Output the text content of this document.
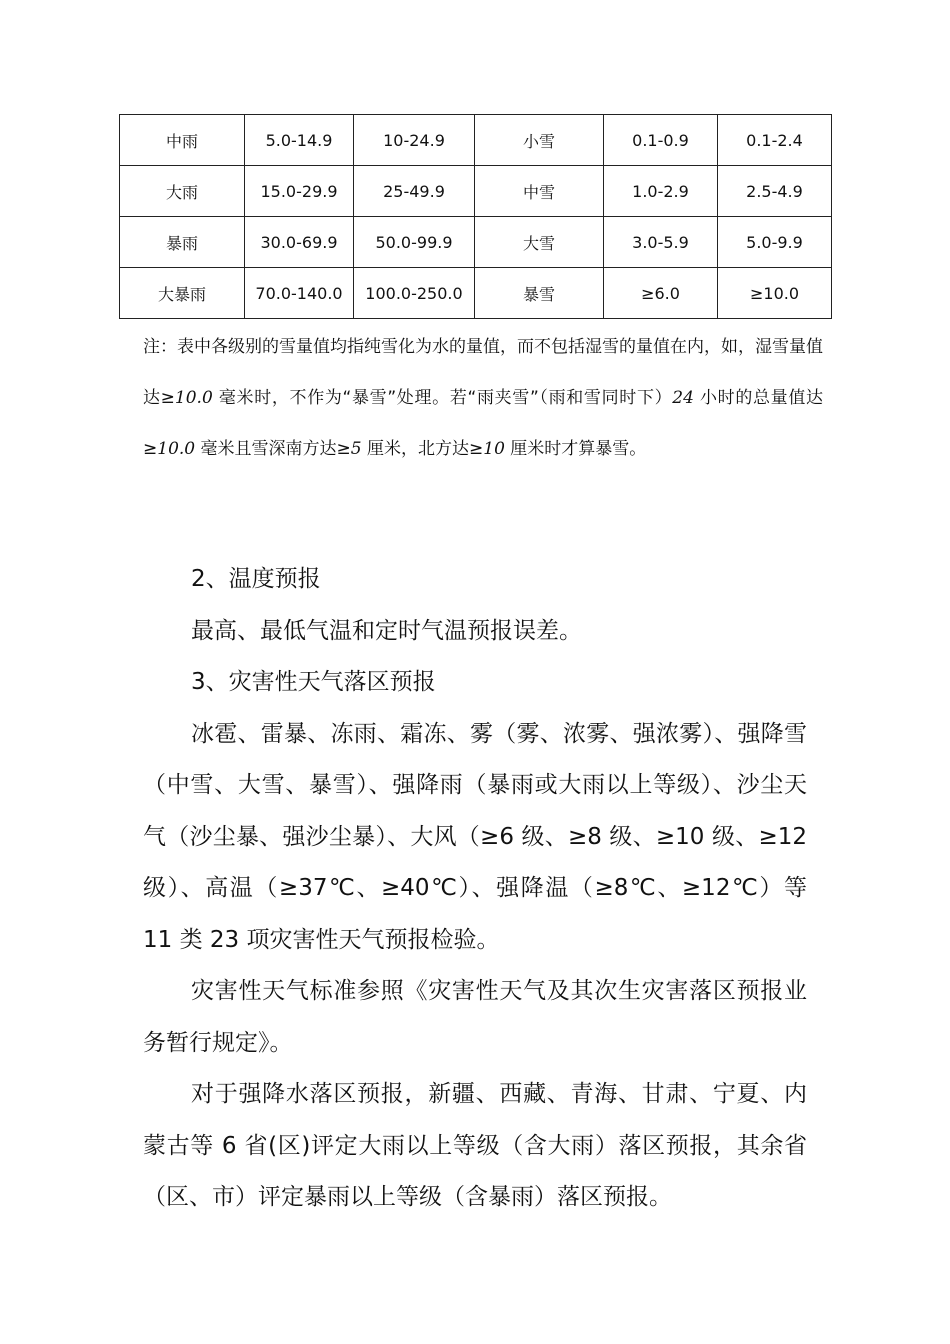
中雨	5.0-14.9	10-24.9	小雪	0.1-0.9	0.1-2.4
大雨	15.0-29.9	25-49.9	中雪	1.0-2.9	2.5-4.9
暴雨	30.0-69.9	50.0-99.9	大雪	3.0-5.9	5.0-9.9
大暴雨	70.0-140.0	100.0-250.0	暴雪	≥6.0	≥10.0
注：表中各级别的雪量值均指纯雪化为水的量值，而不包括湿雪的量值在内，如，湿雪量值达≥10.0 毫米时，不作为“暴雪”处理。若“雨夹雪”（雨和雪同时下）24 小时的总量值达≥10.0 毫米且雪深南方达≥5 厘米，北方达≥10 厘米时才算暴雪。

2、温度预报

最高、最低气温和定时气温预报误差。

3、灾害性天气落区预报

冰雹、雷暴、冻雨、霜冻、雾（雾、浓雾、强浓雾）、强降雪（中雪、大雪、暴雪）、强降雨（暴雨或大雨以上等级）、沙尘天气（沙尘暴、强沙尘暴）、大风（≥6 级、≥8 级、≥10 级、≥12 级）、高温（≥37℃、≥40℃）、强降温（≥8℃、≥12℃）等 11 类 23 项灾害性天气预报检验。

灾害性天气标准参照《灾害性天气及其次生灾害落区预报业务暂行规定》。

对于强降水落区预报，新疆、西藏、青海、甘肃、宁夏、内蒙古等 6 省(区)评定大雨以上等级（含大雨）落区预报，其余省（区、市）评定暴雨以上等级（含暴雨）落区预报。
